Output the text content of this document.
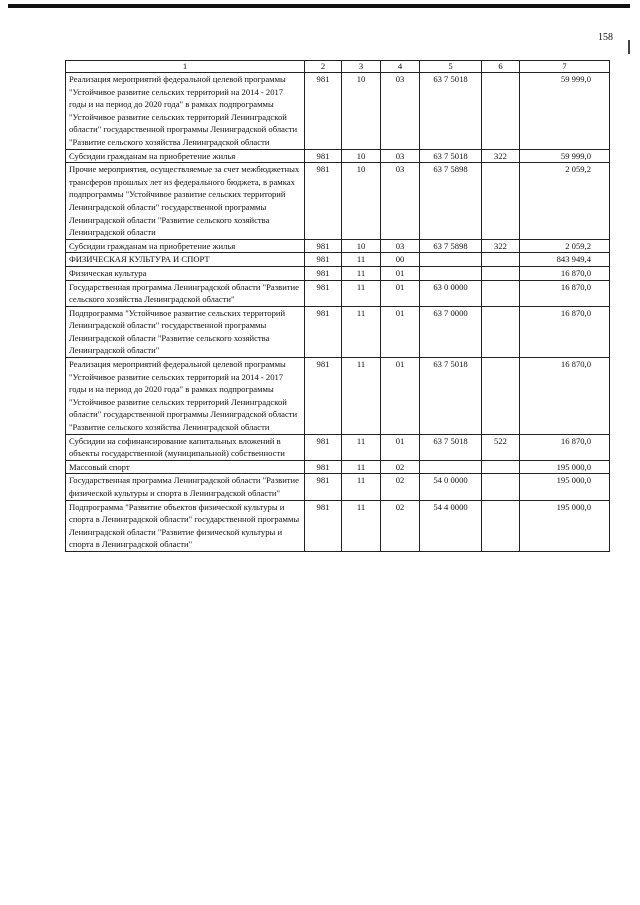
158
1	2	3	4	5	6	7
Реализация мероприятий федеральной целевой программы "Устойчивое развитие сельских территорий на 2014 - 2017 годы и на период до 2020 года" в рамках подпрограммы "Устойчивое развитие сельских территорий Ленинградской области" государственной программы Ленинградской области "Развитие сельского хозяйства Ленинградской области	981	10	03	63 7 5018		59 999,0
Субсидии гражданам на приобретение жилья	981	10	03	63 7 5018	322	59 999,0
Прочие мероприятия, осуществляемые за счет межбюджетных трансферов прошлых лет из федерального бюджета, в рамках подпрограммы "Устойчивое развитие сельских территорий Ленинградской области" государственной программы Ленинградской области "Развитие сельского хозяйства Ленинградской области	981	10	03	63 7 5898		2 059,2
Субсидии гражданам на приобретение жилья	981	10	03	63 7 5898	322	2 059,2
ФИЗИЧЕСКАЯ КУЛЬТУРА И СПОРТ	981	11	00			843 949,4
Физическая культура	981	11	01			16 870,0
Государственная программа Ленинградской области "Развитие сельского хозяйства Ленинградской области"	981	11	01	63 0 0000		16 870,0
Подпрограмма "Устойчивое развитие сельских территорий Ленинградской области" государственной программы Ленинградской области "Развитие сельского хозяйства Ленинградской области"	981	11	01	63 7 0000		16 870,0
Реализация мероприятий федеральной целевой программы "Устойчивое развитие сельских территорий на 2014 - 2017 годы и на период до 2020 года" в рамках подпрограммы "Устойчивое развитие сельских территорий Ленинградской области" государственной программы Ленинградской области "Развитие сельского хозяйства Ленинградской области	981	11	01	63 7 5018		16 870,0
Субсидии на софинансирование капитальных вложений в объекты государственной (муниципальной) собственности	981	11	01	63 7 5018	522	16 870,0
Массовый спорт	981	11	02			195 000,0
Государственная программа Ленинградской области "Развитие физической культуры и спорта в Ленинградской области"	981	11	02	54 0 0000		195 000,0
Подпрограмма "Развитие объектов физической культуры и спорта в Ленинградской области" государственной программы Ленинградской области "Развитие физической культуры и спорта в Ленинградской области"	981	11	02	54 4 0000		195 000,0
